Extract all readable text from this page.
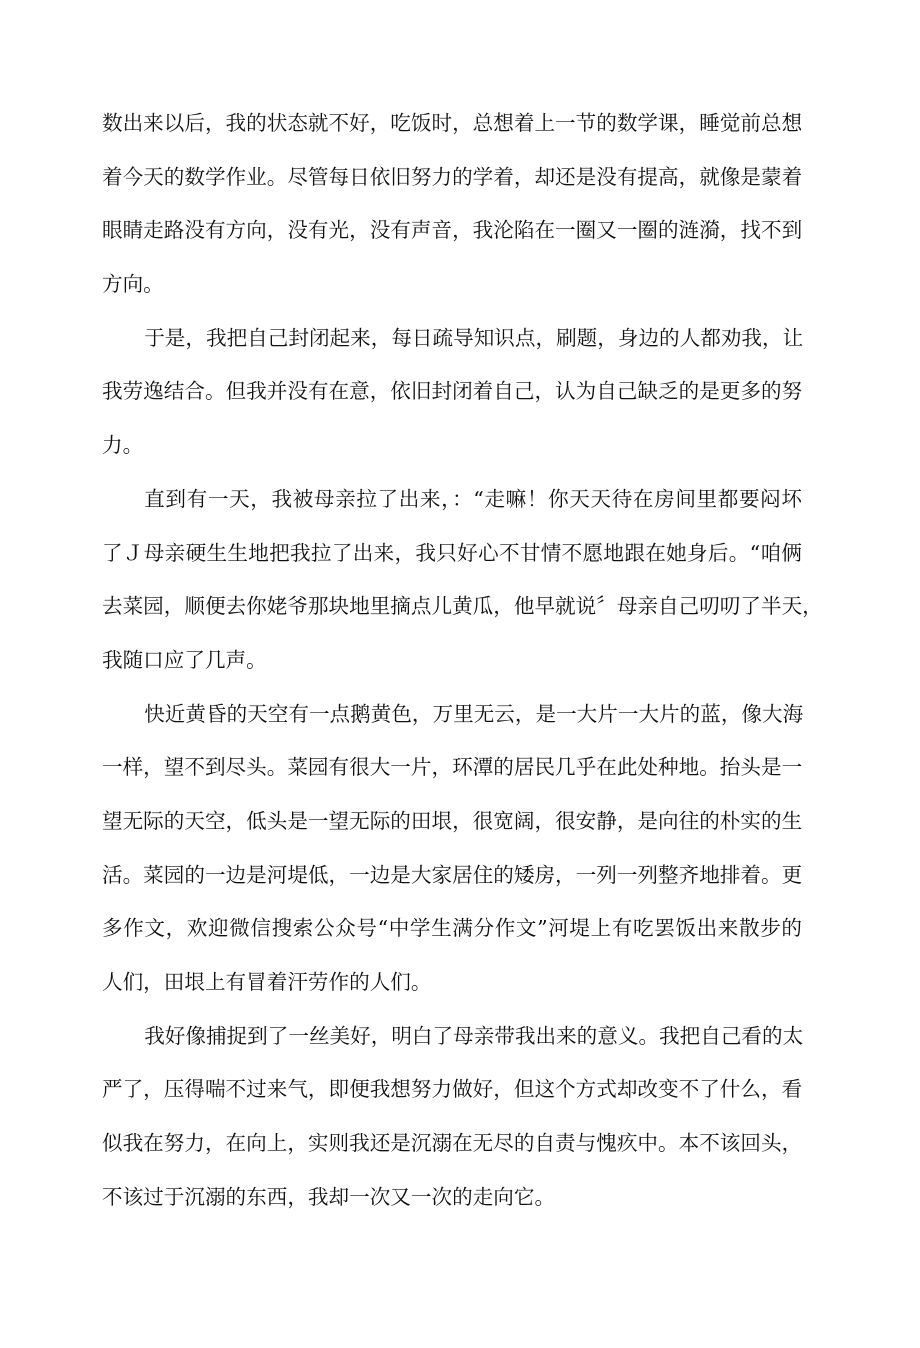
数出来以后，我的状态就不好，吃饭时，总想着上一节的数学课，睡觉前总想
着今天的数学作业。尽管每日依旧努力的学着，却还是没有提高，就像是蒙着
眼睛走路没有方向，没有光，没有声音，我沦陷在一圈又一圈的涟漪，找不到
方向。
于是，我把自己封闭起来，每日疏导知识点，刷题，身边的人都劝我，让
我劳逸结合。但我并没有在意，依旧封闭着自己，认为自己缺乏的是更多的努
力。
直到有一天，我被母亲拉了出来，：“走嘛！你天天待在房间里都要闷坏
了Ｊ母亲硬生生地把我拉了出来，我只好心不甘情不愿地跟在她身后。“咱俩
去菜园，顺便去你姥爷那块地里摘点儿黄瓜，他早就说〞母亲自己叨叨了半天，
我随口应了几声。
快近黄昏的天空有一点鹅黄色，万里无云，是一大片一大片的蓝，像大海
一样，望不到尽头。菜园有很大一片，环潭的居民几乎在此处种地。抬头是一
望无际的天空，低头是一望无际的田垠，很宽阔，很安静，是向往的朴实的生
活。菜园的一边是河堤低，一边是大家居住的矮房，一列一列整齐地排着。更
多作文，欢迎微信搜索公众号“中学生满分作文”河堤上有吃罢饭出来散步的
人们，田垠上有冒着汗劳作的人们。
我好像捕捉到了一丝美好，明白了母亲带我出来的意义。我把自己看的太
严了，压得喘不过来气，即便我想努力做好，但这个方式却改变不了什么，看
似我在努力，在向上，实则我还是沉溺在无尽的自责与愧疚中。本不该回头，
不该过于沉溺的东西，我却一次又一次的走向它。
